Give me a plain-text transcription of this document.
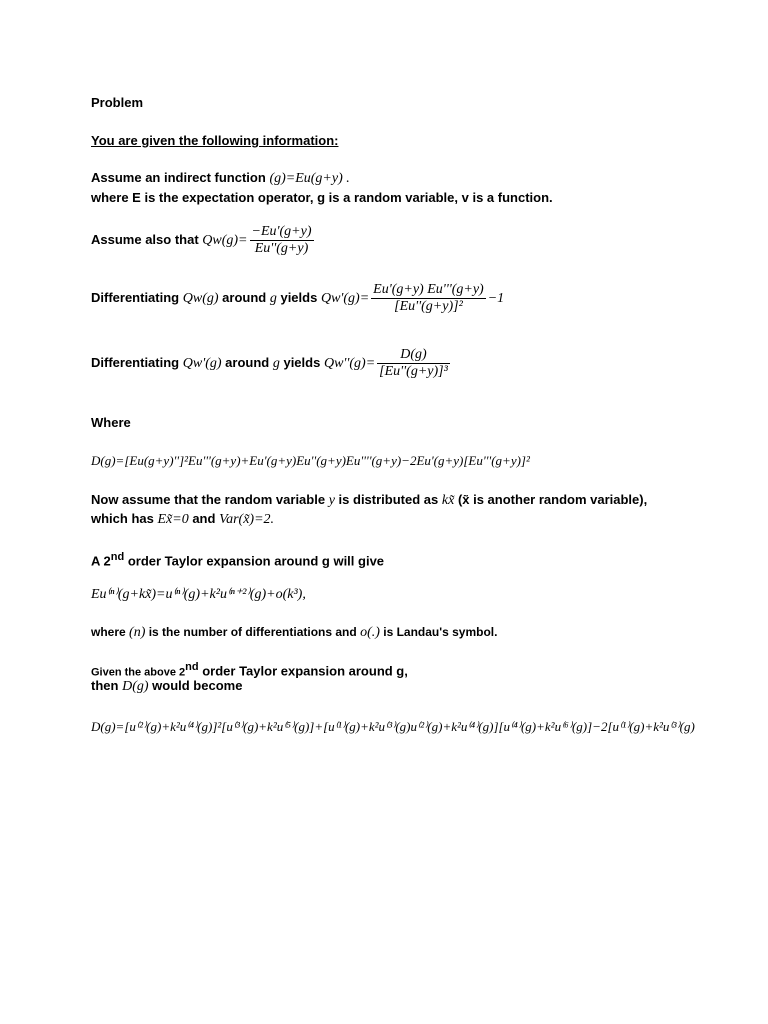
Problem
You are given the following information:
Assume an indirect function (g)=Eu(g+y) .
where E is the expectation operator, g is a random variable, v is a function.
Assume also that $Qw(g)= \frac{-Eu'(g+y)}{Eu''(g+y)}$
Differentiating Qw(g) around g yields $Qw'(g)= \frac{Eu'(g+y) Eu'''(g+y)}{\text{[Eu''(g+y)]²}} -1$
Differentiating Qw'(g) around g yields $Qw''(g)= \frac{D(g)}{\text{[Eu''(g+y)]³}}$
Where
D(g)=[Eu(g+y)'']²Eu'''(g+y)+Eu'(g+y)Eu''(g+y)Eu''''(g+y)−2Eu'(g+y)[Eu'''(g+y)]²
Now assume that the random variable y is distributed as kx̃ (x̃ is another random variable),
which has Ex̃=0 and Var(x̃)=2.
A 2nd order Taylor expansion around g will give
Eu⁽ⁿ⁾(g+kx̃)=u⁽ⁿ⁾(g)+k²u⁽ⁿ⁺²⁾(g)+o(k³),
where (n) is the number of differentiations and o(.) is Landau's symbol.
Given the above 2nd order Taylor expansion around g,
then D(g) would become
D(g)=[u⁽²⁾(g)+k²u⁽⁴⁾(g)]²[u⁽³⁾(g)+k²u⁽⁵⁾(g)]+[u⁽¹⁾(g)+k²u⁽³⁾(g)u⁽²⁾(g)+k²u⁽⁴⁾(g)][u⁽⁴⁾(g)+k²u⁽⁶⁾(g)]−2[u⁽¹⁾(g)+k²u⁽³⁾(g)
